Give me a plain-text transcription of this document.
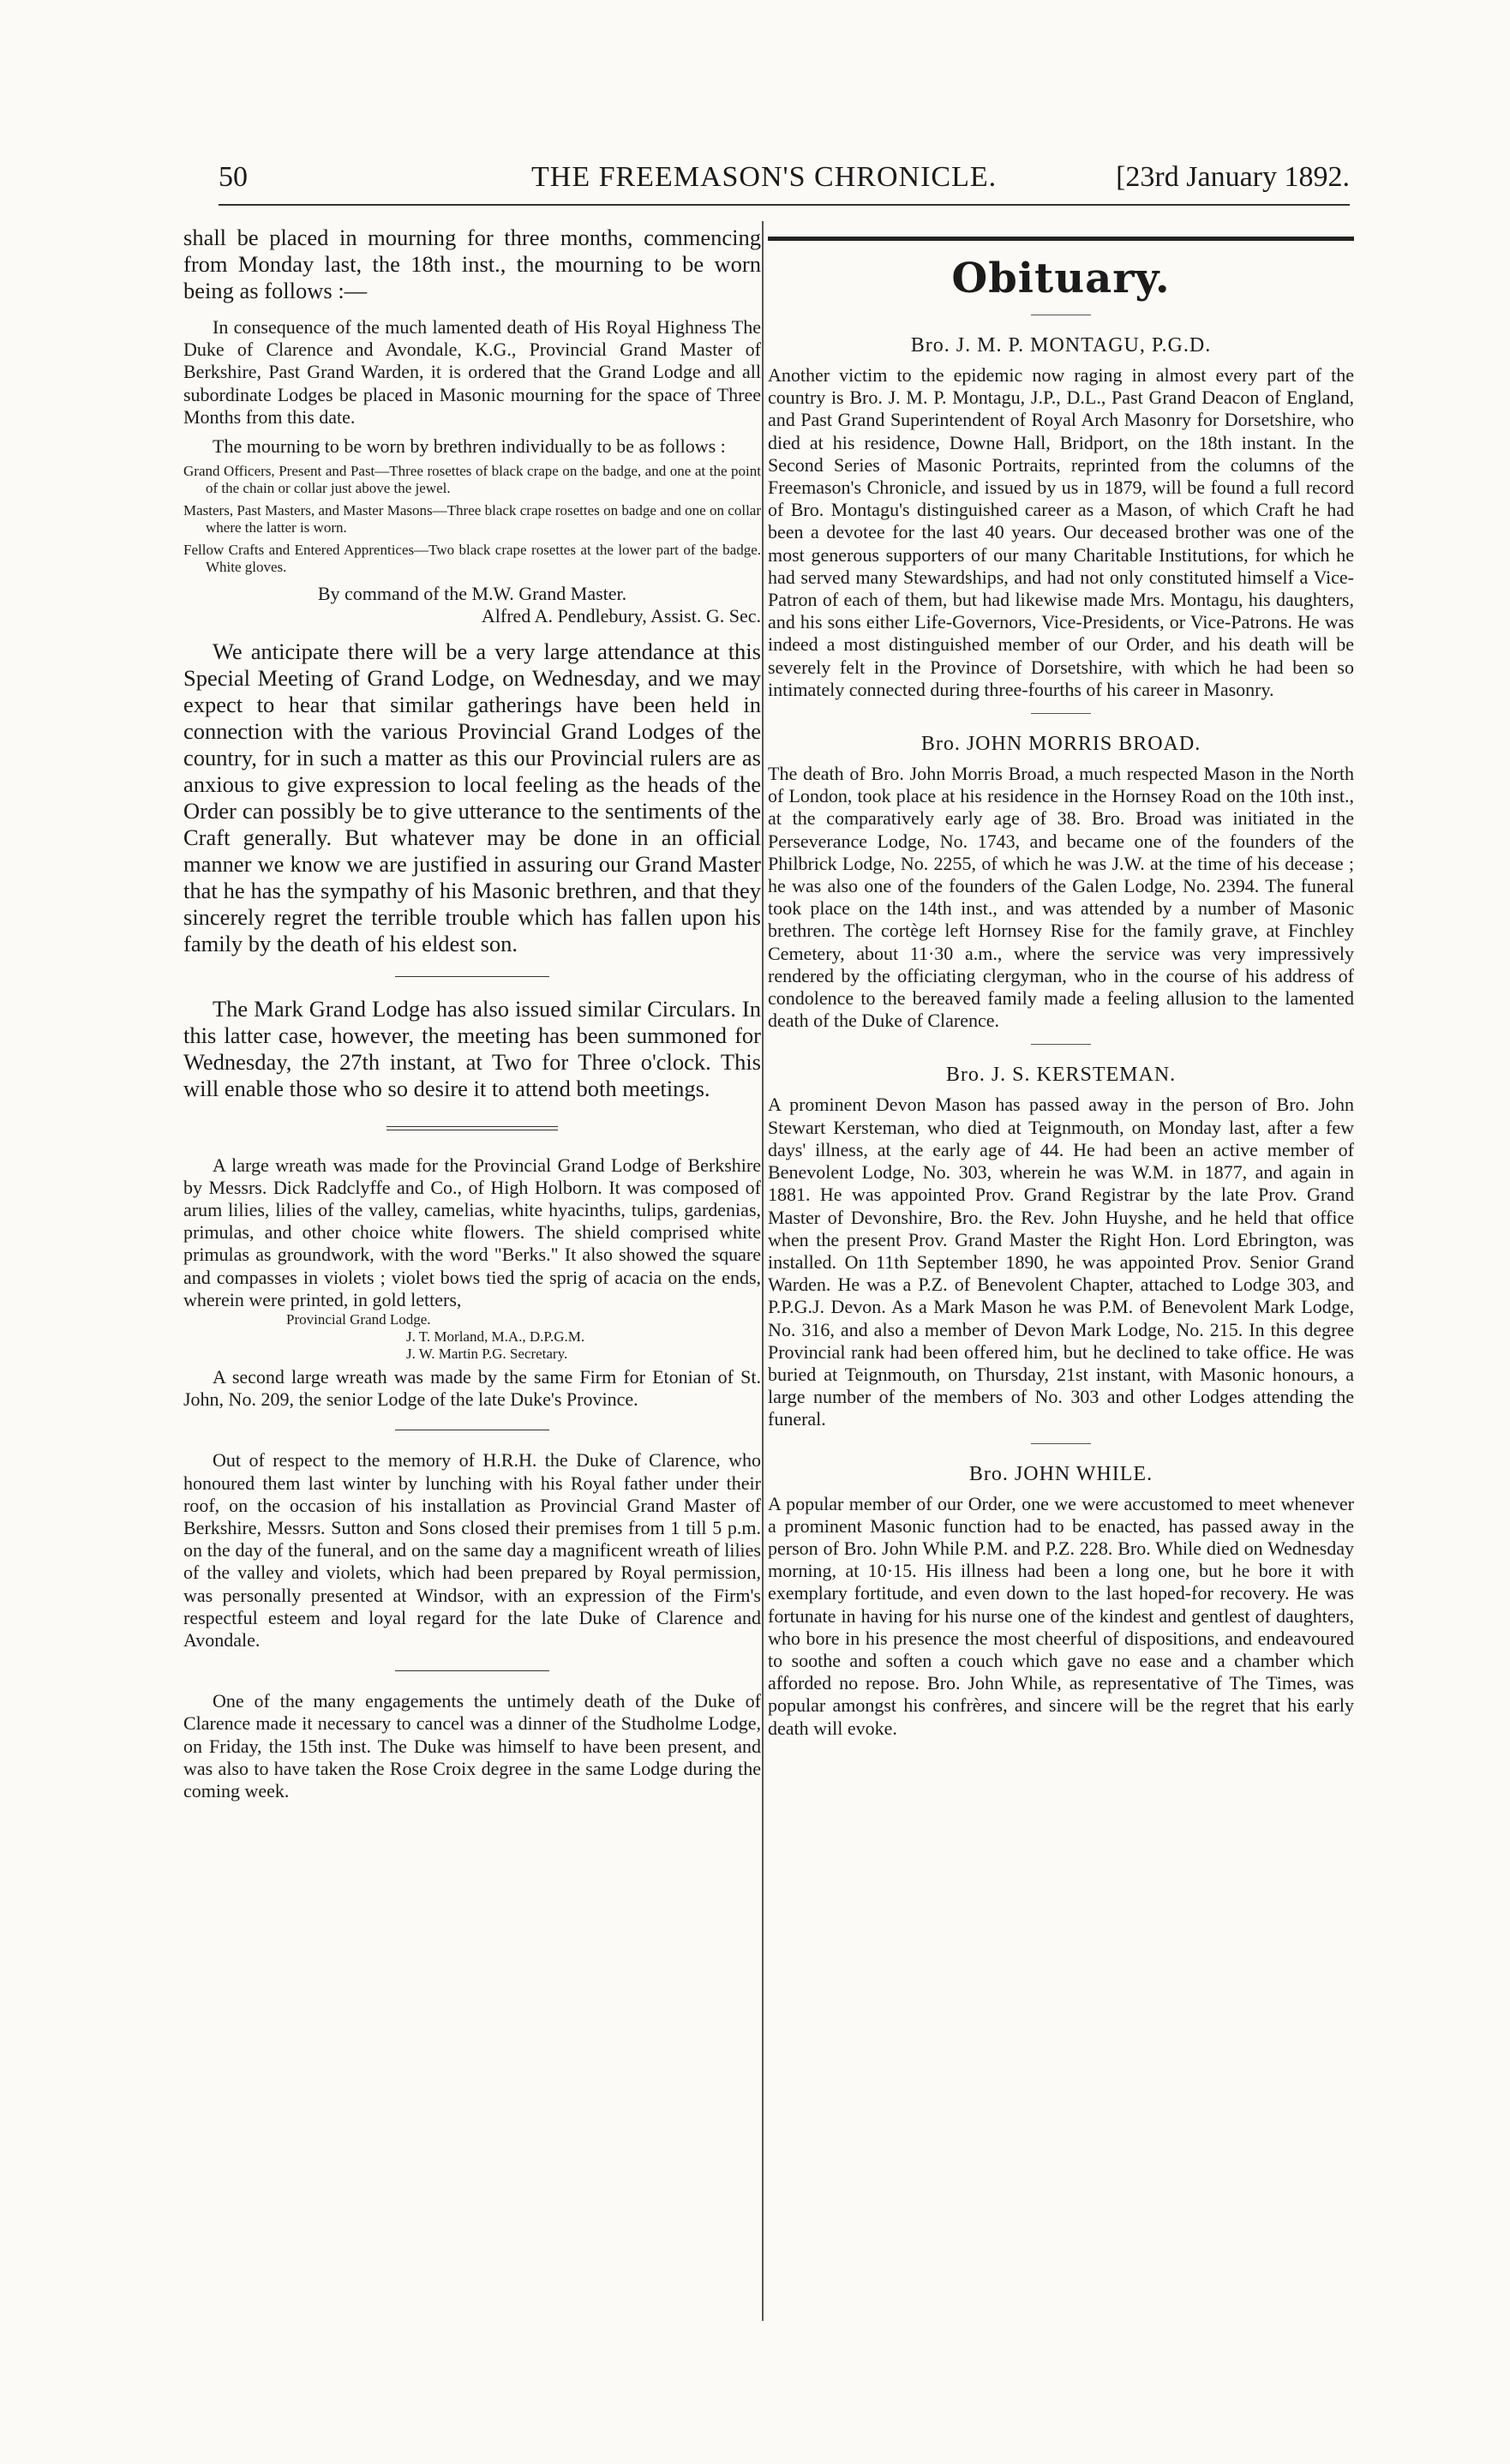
50	THE FREEMASON'S CHRONICLE.	[23rd January 1892.

shall be placed in mourning for three months, commencing from Monday last, the 18th inst., the mourning to be worn being as follows :—

In consequence of the much lamented death of His Royal Highness The Duke of Clarence and Avondale, K.G., Provincial Grand Master of Berkshire, Past Grand Warden, it is ordered that the Grand Lodge and all subordinate Lodges be placed in Masonic mourning for the space of Three Months from this date.

The mourning to be worn by brethren individually to be as follows :

Grand Officers, Present and Past—Three rosettes of black crape on the badge, and one at the point of the chain or collar just above the jewel.

Masters, Past Masters, and Master Masons—Three black crape rosettes on badge and one on collar where the latter is worn.

Fellow Crafts and Entered Apprentices—Two black crape rosettes at the lower part of the badge. White gloves.

By command of the M.W. Grand Master.

Alfred A. Pendlebury, Assist. G. Sec.

We anticipate there will be a very large attendance at this Special Meeting of Grand Lodge, on Wednesday, and we may expect to hear that similar gatherings have been held in connection with the various Provincial Grand Lodges of the country, for in such a matter as this our Provincial rulers are as anxious to give expression to local feeling as the heads of the Order can possibly be to give utterance to the sentiments of the Craft generally. But whatever may be done in an official manner we know we are justified in assuring our Grand Master that he has the sympathy of his Masonic brethren, and that they sincerely regret the terrible trouble which has fallen upon his family by the death of his eldest son.

The Mark Grand Lodge has also issued similar Circulars. In this latter case, however, the meeting has been summoned for Wednesday, the 27th instant, at Two for Three o'clock. This will enable those who so desire it to attend both meetings.

A large wreath was made for the Provincial Grand Lodge of Berkshire by Messrs. Dick Radclyffe and Co., of High Holborn. It was composed of arum lilies, lilies of the valley, camelias, white hyacinths, tulips, gardenias, primulas, and other choice white flowers. The shield comprised white primulas as groundwork, with the word "Berks." It also showed the square and compasses in violets ; violet bows tied the sprig of acacia on the ends, wherein were printed, in gold letters,

Provincial Grand Lodge.

J. T. Morland, M.A., D.P.G.M.

J. W. Martin P.G. Secretary.

A second large wreath was made by the same Firm for Etonian of St. John, No. 209, the senior Lodge of the late Duke's Province.

Out of respect to the memory of H.R.H. the Duke of Clarence, who honoured them last winter by lunching with his Royal father under their roof, on the occasion of his installation as Provincial Grand Master of Berkshire, Messrs. Sutton and Sons closed their premises from 1 till 5 p.m. on the day of the funeral, and on the same day a magnificent wreath of lilies of the valley and violets, which had been prepared by Royal permission, was personally presented at Windsor, with an expression of the Firm's respectful esteem and loyal regard for the late Duke of Clarence and Avondale.

One of the many engagements the untimely death of the Duke of Clarence made it necessary to cancel was a dinner of the Studholme Lodge, on Friday, the 15th inst. The Duke was himself to have been present, and was also to have taken the Rose Croix degree in the same Lodge during the coming week.

Obituary.
Bro. J. M. P. MONTAGU, P.G.D.

Another victim to the epidemic now raging in almost every part of the country is Bro. J. M. P. Montagu, J.P., D.L., Past Grand Deacon of England, and Past Grand Superintendent of Royal Arch Masonry for Dorsetshire, who died at his residence, Downe Hall, Bridport, on the 18th instant. In the Second Series of Masonic Portraits, reprinted from the columns of the Freemason's Chronicle, and issued by us in 1879, will be found a full record of Bro. Montagu's distinguished career as a Mason, of which Craft he had been a devotee for the last 40 years. Our deceased brother was one of the most generous supporters of our many Charitable Institutions, for which he had served many Stewardships, and had not only constituted himself a Vice-Patron of each of them, but had likewise made Mrs. Montagu, his daughters, and his sons either Life-Governors, Vice-Presidents, or Vice-Patrons. He was indeed a most distinguished member of our Order, and his death will be severely felt in the Province of Dorsetshire, with which he had been so intimately connected during three-fourths of his career in Masonry.

Bro. JOHN MORRIS BROAD.

The death of Bro. John Morris Broad, a much respected Mason in the North of London, took place at his residence in the Hornsey Road on the 10th inst., at the comparatively early age of 38. Bro. Broad was initiated in the Perseverance Lodge, No. 1743, and became one of the founders of the Philbrick Lodge, No. 2255, of which he was J.W. at the time of his decease ; he was also one of the founders of the Galen Lodge, No. 2394. The funeral took place on the 14th inst., and was attended by a number of Masonic brethren. The cortège left Hornsey Rise for the family grave, at Finchley Cemetery, about 11·30 a.m., where the service was very impressively rendered by the officiating clergyman, who in the course of his address of condolence to the bereaved family made a feeling allusion to the lamented death of the Duke of Clarence.

Bro. J. S. KERSTEMAN.

A prominent Devon Mason has passed away in the person of Bro. John Stewart Kersteman, who died at Teignmouth, on Monday last, after a few days' illness, at the early age of 44. He had been an active member of Benevolent Lodge, No. 303, wherein he was W.M. in 1877, and again in 1881. He was appointed Prov. Grand Registrar by the late Prov. Grand Master of Devonshire, Bro. the Rev. John Huyshe, and he held that office when the present Prov. Grand Master the Right Hon. Lord Ebrington, was installed. On 11th September 1890, he was appointed Prov. Senior Grand Warden. He was a P.Z. of Benevolent Chapter, attached to Lodge 303, and P.P.G.J. Devon. As a Mark Mason he was P.M. of Benevolent Mark Lodge, No. 316, and also a member of Devon Mark Lodge, No. 215. In this degree Provincial rank had been offered him, but he declined to take office. He was buried at Teignmouth, on Thursday, 21st instant, with Masonic honours, a large number of the members of No. 303 and other Lodges attending the funeral.

Bro. JOHN WHILE.

A popular member of our Order, one we were accustomed to meet whenever a prominent Masonic function had to be enacted, has passed away in the person of Bro. John While P.M. and P.Z. 228. Bro. While died on Wednesday morning, at 10·15. His illness had been a long one, but he bore it with exemplary fortitude, and even down to the last hoped-for recovery. He was fortunate in having for his nurse one of the kindest and gentlest of daughters, who bore in his presence the most cheerful of dispositions, and endeavoured to soothe and soften a couch which gave no ease and a chamber which afforded no repose. Bro. John While, as representative of The Times, was popular amongst his confrères, and sincere will be the regret that his early death will evoke.
